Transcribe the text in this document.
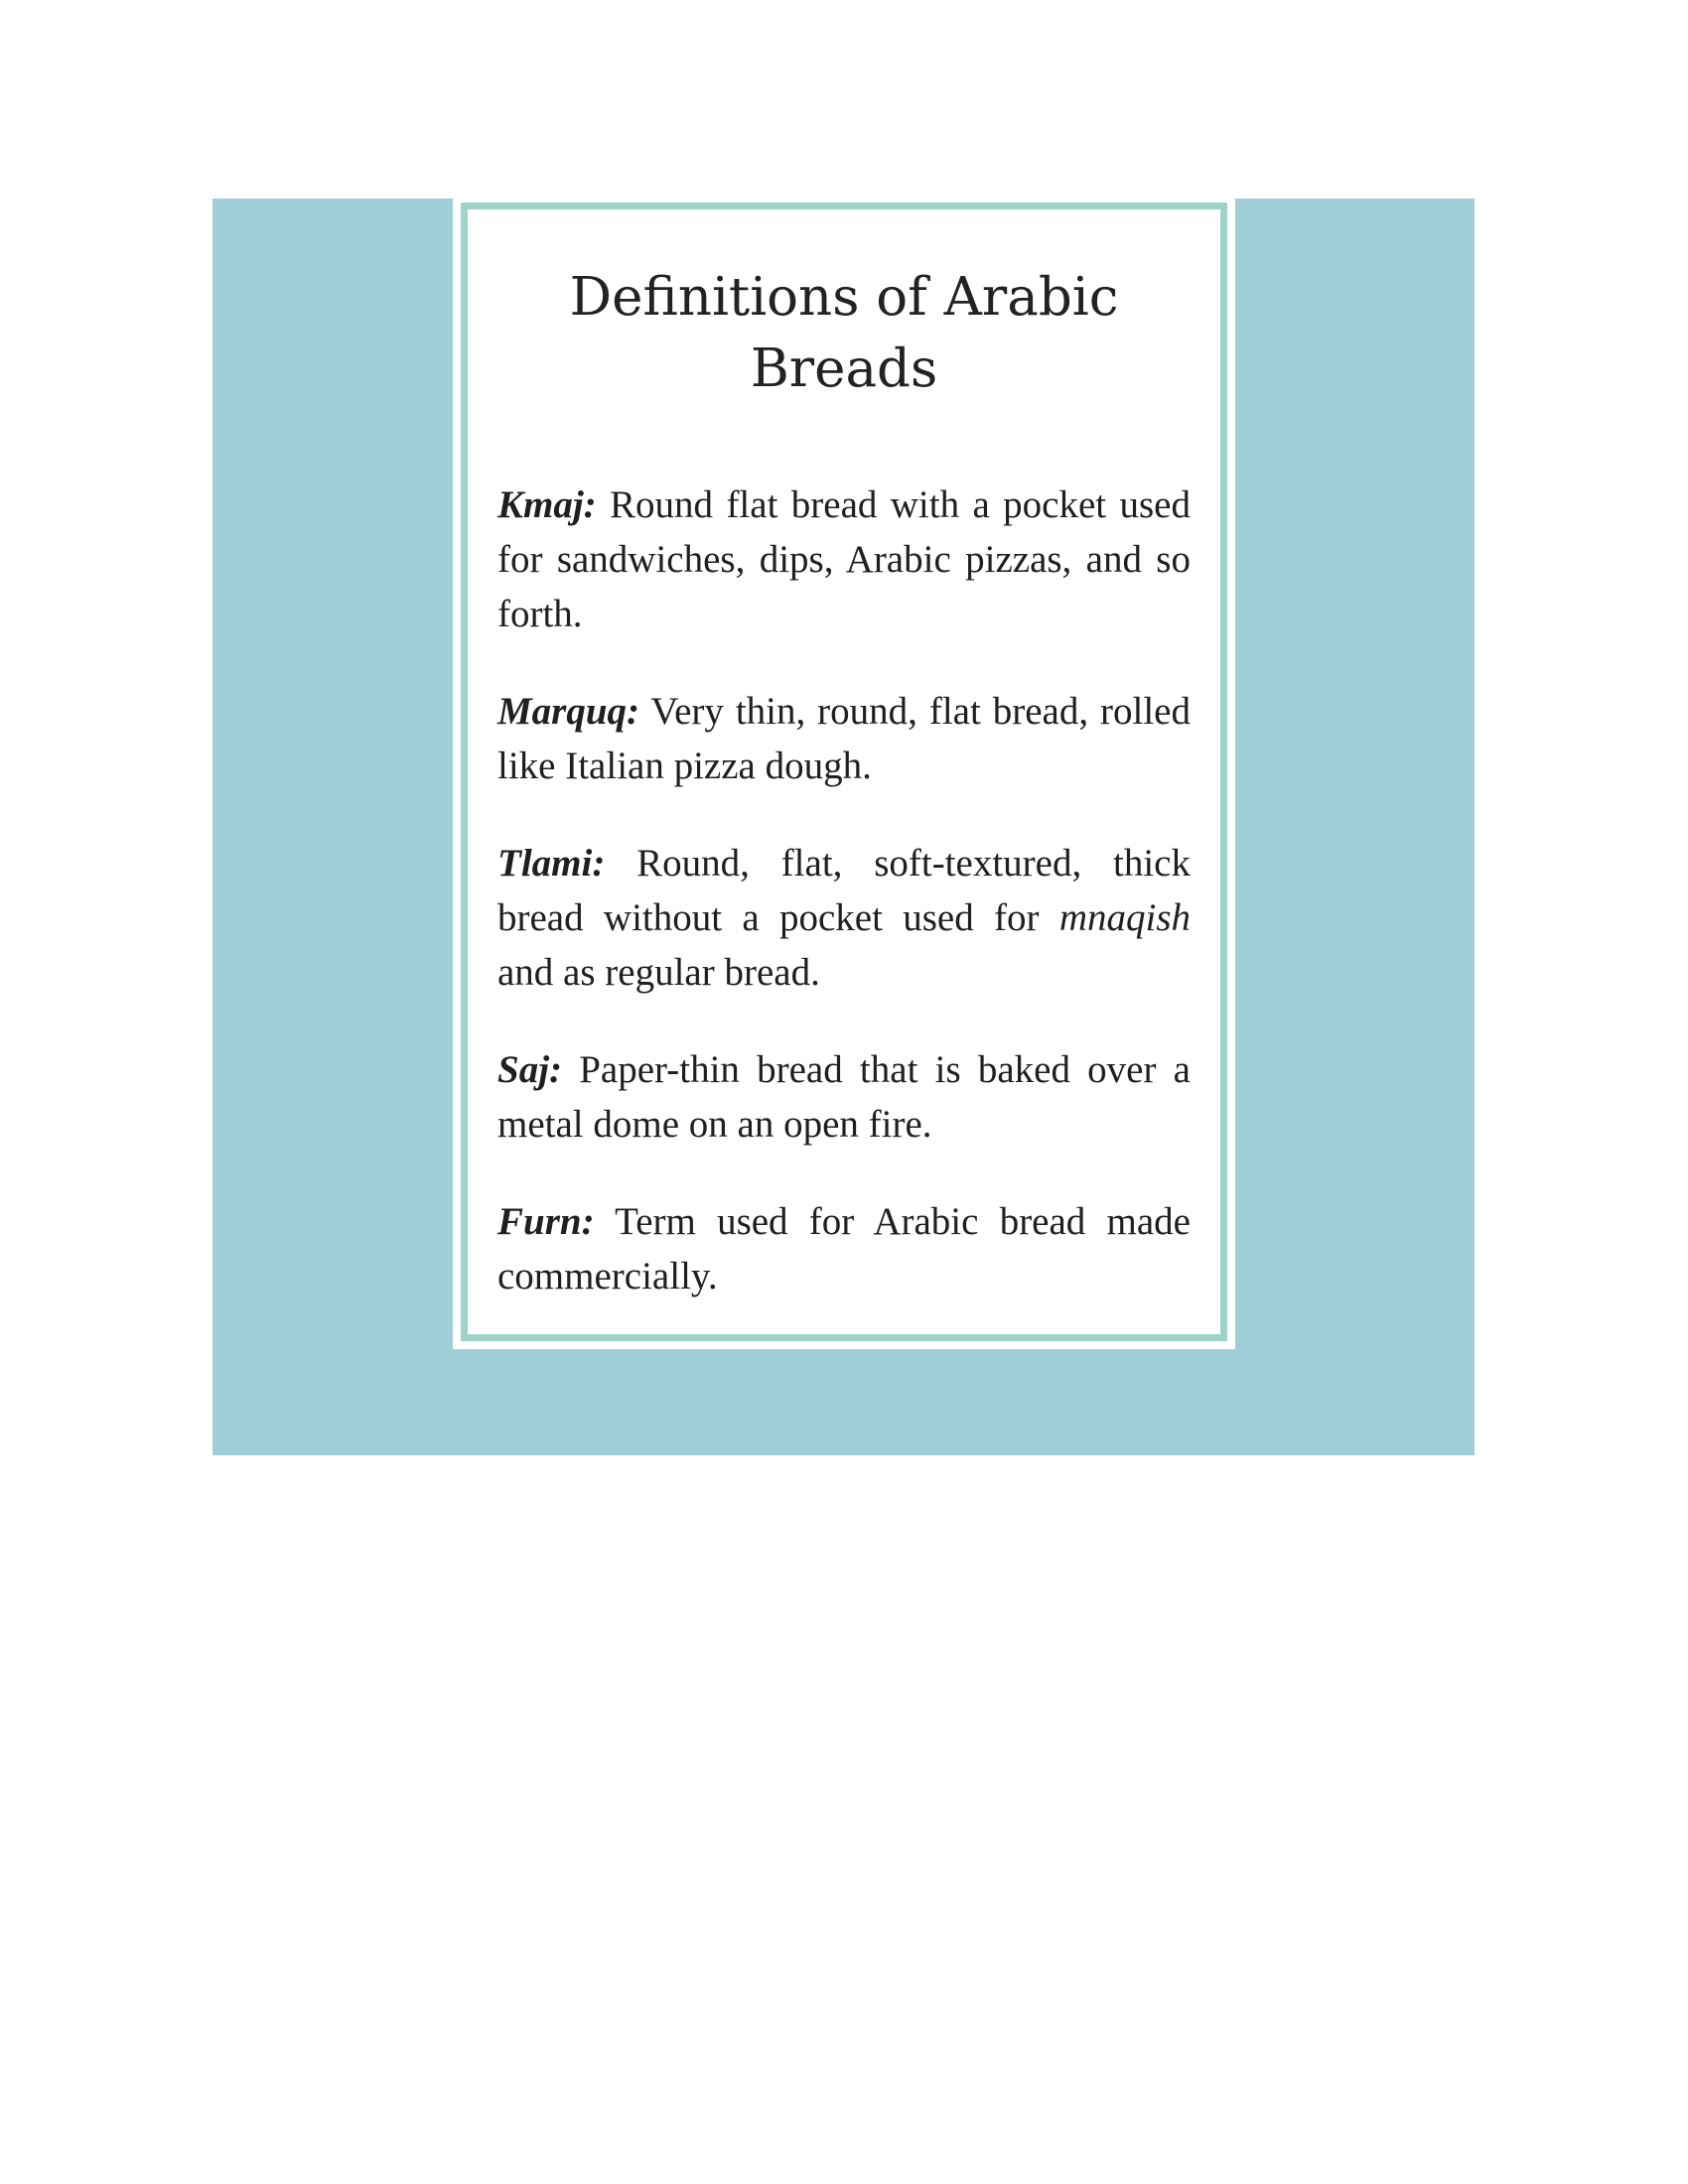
Definitions of Arabic Breads

Kmaj: Round flat bread with a pocket used for sandwiches, dips, Arabic pizzas, and so forth.

Marquq: Very thin, round, flat bread, rolled like Italian pizza dough.

Tlami: Round, flat, soft-textured, thick bread without a pocket used for mnaqish and as regular bread.

Saj: Paper-thin bread that is baked over a metal dome on an open fire.

Furn: Term used for Arabic bread made commercially.
